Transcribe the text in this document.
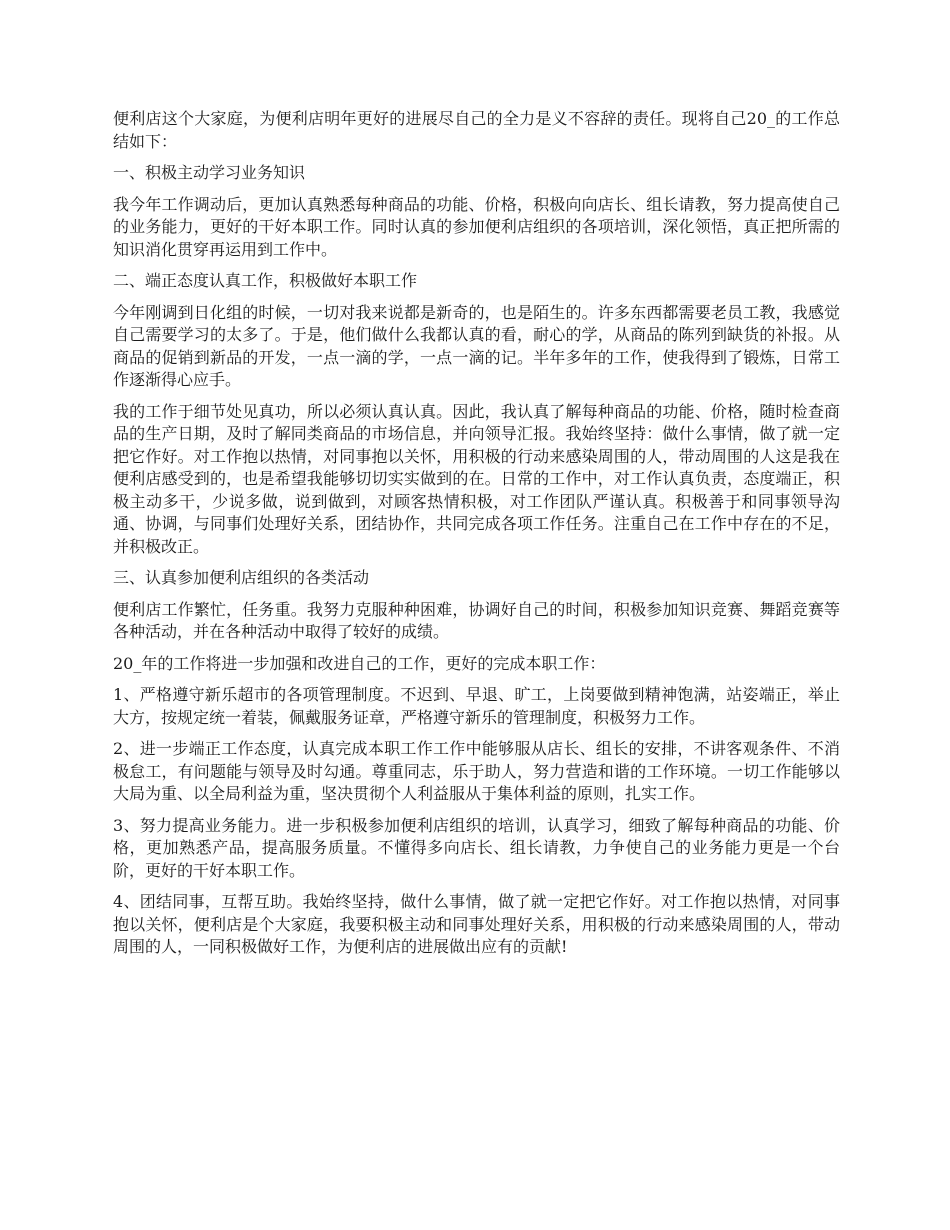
便利店这个大家庭，为便利店明年更好的进展尽自己的全力是义不容辞的责任。现将自己20_的工作总结如下：

一、积极主动学习业务知识

我今年工作调动后，更加认真熟悉每种商品的功能、价格，积极向向店长、组长请教，努力提高使自己的业务能力，更好的干好本职工作。同时认真的参加便利店组织的各项培训，深化领悟，真正把所需的知识消化贯穿再运用到工作中。

二、端正态度认真工作，积极做好本职工作

今年刚调到日化组的时候，一切对我来说都是新奇的，也是陌生的。许多东西都需要老员工教，我感觉自己需要学习的太多了。于是，他们做什么我都认真的看，耐心的学，从商品的陈列到缺货的补报。从商品的促销到新品的开发，一点一滴的学，一点一滴的记。半年多年的工作，使我得到了锻炼，日常工作逐渐得心应手。

我的工作于细节处见真功，所以必须认真认真。因此，我认真了解每种商品的功能、价格，随时检查商品的生产日期，及时了解同类商品的市场信息，并向领导汇报。我始终坚持：做什么事情，做了就一定把它作好。对工作抱以热情，对同事抱以关怀，用积极的行动来感染周围的人，带动周围的人这是我在便利店感受到的，也是希望我能够切切实实做到的在。日常的工作中，对工作认真负责，态度端正，积极主动多干，少说多做，说到做到，对顾客热情积极，对工作团队严谨认真。积极善于和同事领导沟通、协调，与同事们处理好关系，团结协作，共同完成各项工作任务。注重自己在工作中存在的不足，并积极改正。

三、认真参加便利店组织的各类活动

便利店工作繁忙，任务重。我努力克服种种困难，协调好自己的时间，积极参加知识竞赛、舞蹈竞赛等各种活动，并在各种活动中取得了较好的成绩。

20_年的工作将进一步加强和改进自己的工作，更好的完成本职工作：

1、严格遵守新乐超市的各项管理制度。不迟到、早退、旷工，上岗要做到精神饱满，站姿端正，举止大方，按规定统一着装，佩戴服务证章，严格遵守新乐的管理制度，积极努力工作。

2、进一步端正工作态度，认真完成本职工作工作中能够服从店长、组长的安排，不讲客观条件、不消极怠工，有问题能与领导及时勾通。尊重同志，乐于助人，努力营造和谐的工作环境。一切工作能够以大局为重、以全局利益为重，坚决贯彻个人利益服从于集体利益的原则，扎实工作。

3、努力提高业务能力。进一步积极参加便利店组织的培训，认真学习，细致了解每种商品的功能、价格，更加熟悉产品，提高服务质量。不懂得多向店长、组长请教，力争使自己的业务能力更是一个台阶，更好的干好本职工作。

4、团结同事，互帮互助。我始终坚持，做什么事情，做了就一定把它作好。对工作抱以热情，对同事抱以关怀，便利店是个大家庭，我要积极主动和同事处理好关系，用积极的行动来感染周围的人，带动周围的人，一同积极做好工作，为便利店的进展做出应有的贡献!
